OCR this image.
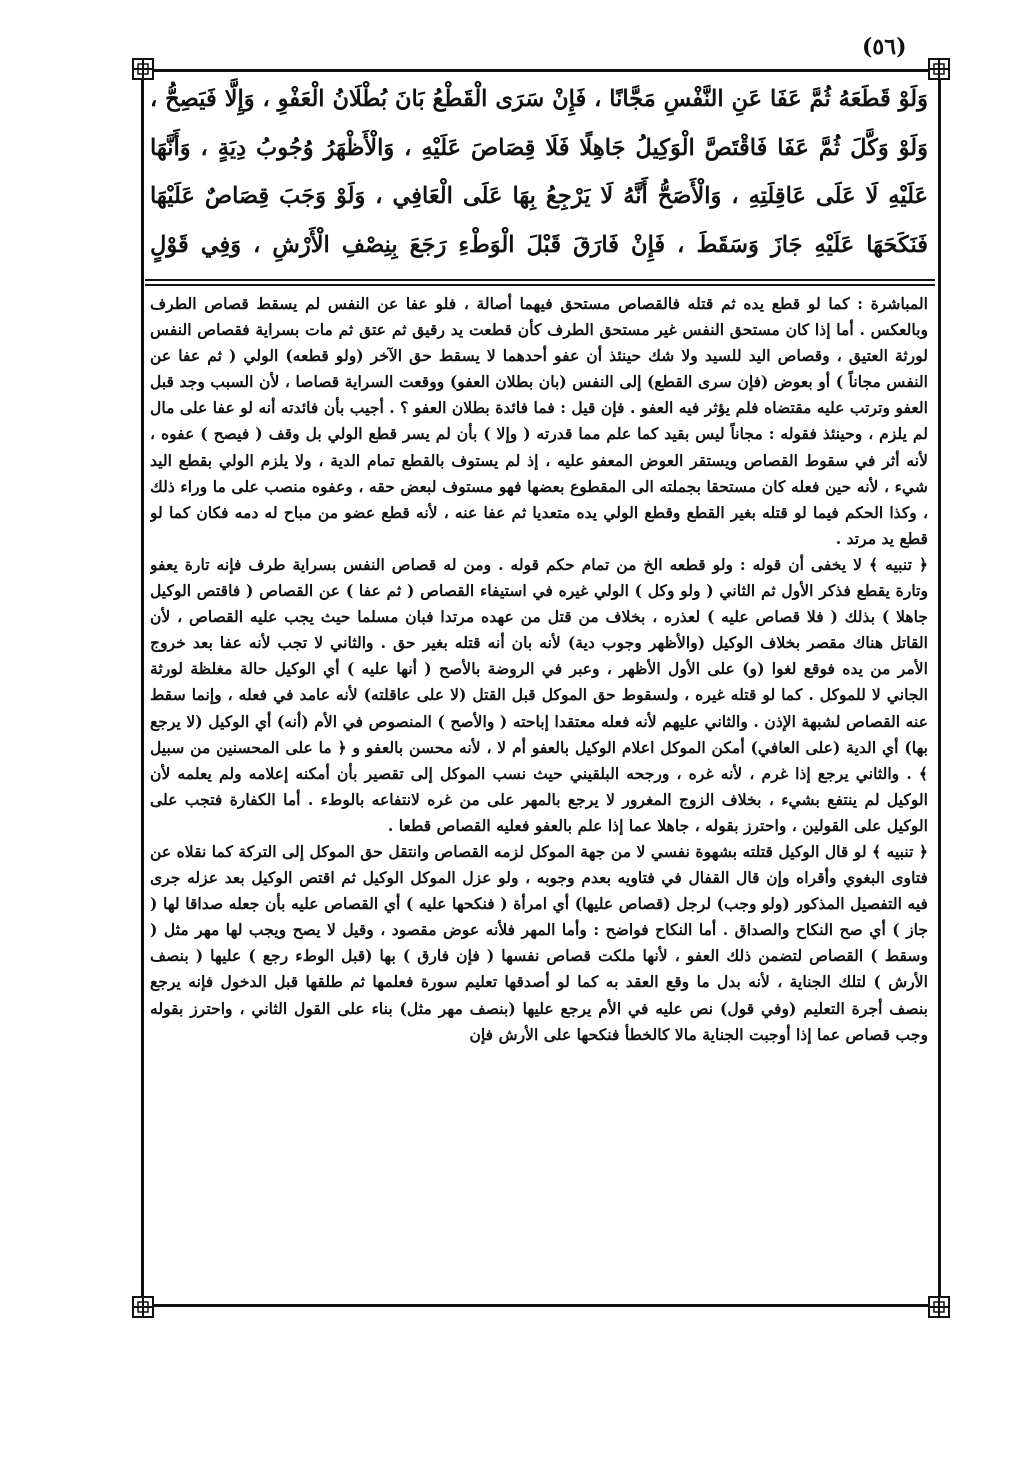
(٥٦)
وَلَوْ قَطَعَهُ ثُمَّ عَفَا عَنِ النَّفْسِ مَجَّانًا ، فَإِنْ سَرَى الْقَطْعُ بَانَ بُطْلَانُ الْعَفْوِ ، وَإِلَّا فَيَصِحُّ ، وَلَوْ وَكَّلَ ثُمَّ عَفَا فَاقْتَصَّ الْوَكِيلُ جَاهِلًا فَلَا قِصَاصَ عَلَيْهِ ، وَالْأَظْهَرُ وُجُوبُ دِيَةٍ ، وَأَنَّهَا عَلَيْهِ لَا عَلَى عَاقِلَتِهِ ، وَالْأَصَحُّ أَنَّهُ لَا يَرْجِعُ بِهَا عَلَى الْعَافِي ، وَلَوْ وَجَبَ قِصَاصٌ عَلَيْهَا فَنَكَحَهَا عَلَيْهِ جَازَ وَسَقَطَ ، فَإِنْ فَارَقَ قَبْلَ الْوَطْءِ رَجَعَ بِنِصْفِ الْأَرْشِ ، وَفِي قَوْلٍ

المباشرة : كما لو قطع يده ثم قتله فالقصاص مستحق فيهما أصالة ، فلو عفا عن النفس لم يسقط قصاص الطرف وبالعكس . أما إذا كان مستحق النفس غير مستحق الطرف كأن قطعت يد رقيق ثم عتق ثم مات بسراية فقصاص النفس لورثة العتيق ، وقصاص اليد للسيد ولا شك حينئذ أن عفو أحدهما لا يسقط حق الآخر (ولو قطعه) الولي ( ثم عفا عن النفس مجاناً ) أو بعوض (فإن سرى القطع) إلى النفس (بان بطلان العفو) ووقعت السراية قصاصا ، لأن السبب وجد قبل العفو وترتب عليه مقتضاه فلم يؤثر فيه العفو . فإن قيل : فما فائدة بطلان العفو ؟ . أجيب بأن فائدته أنه لو عفا على مال لم يلزم ، وحينئذ فقوله : مجاناً ليس بقيد كما علم مما قدرته ( وإلا ) بأن لم يسر قطع الولي بل وقف ( فيصح ) عفوه ، لأنه أثر في سقوط القصاص ويستقر العوض المعفو عليه ، إذ لم يستوف بالقطع تمام الدية ، ولا يلزم الولي بقطع اليد شيء ، لأنه حين فعله كان مستحقا بجملته الى المقطوع بعضها فهو مستوف لبعض حقه ، وعفوه منصب على ما وراء ذلك ، وكذا الحكم فيما لو قتله بغير القطع وقطع الولي يده متعديا ثم عفا عنه ، لأنه قطع عضو من مباح له دمه فكان كما لو قطع يد مرتد .

﴿ تنبيه ﴾ لا يخفى أن قوله : ولو قطعه الخ من تمام حكم قوله . ومن له قصاص النفس بسراية طرف فإنه تارة يعفو وتارة يقطع فذكر الأول ثم الثاني ( ولو وكل ) الولي غيره في استيفاء القصاص ( ثم عفا ) عن القصاص ( فاقتص الوكيل جاهلا ) بذلك ( فلا قصاص عليه ) لعذره ، بخلاف من قتل من عهده مرتدا فبان مسلما حيث يجب عليه القصاص ، لأن القاتل هناك مقصر بخلاف الوكيل (والأظهر وجوب دية) لأنه بان أنه قتله بغير حق . والثاني لا تجب لأنه عفا بعد خروج الأمر من يده فوقع لغوا (و) على الأول الأظهر ، وعبر في الروضة بالأصح ( أنها عليه ) أي الوكيل حالة مغلظة لورثة الجاني لا للموكل . كما لو قتله غيره ، ولسقوط حق الموكل قبل القتل (لا على عاقلته) لأنه عامد في فعله ، وإنما سقط عنه القصاص لشبهة الإذن . والثاني عليهم لأنه فعله معتقدا إباحته ( والأصح ) المنصوص في الأم (أنه) أي الوكيل (لا يرجع بها) أي الدية (على العافي) أمكن الموكل اعلام الوكيل بالعفو أم لا ، لأنه محسن بالعفو و ﴿ ما على المحسنين من سبيل ﴾ . والثاني يرجع إذا غرم ، لأنه غره ، ورجحه البلقيني حيث نسب الموكل إلى تقصير بأن أمكنه إعلامه ولم يعلمه لأن الوكيل لم ينتفع بشيء ، بخلاف الزوج المغرور لا يرجع بالمهر على من غره لانتفاعه بالوطء . أما الكفارة فتجب على الوكيل على القولين ، واحترز بقوله ، جاهلا عما إذا علم بالعفو فعليه القصاص قطعا .

﴿ تنبيه ﴾ لو قال الوكيل قتلته بشهوة نفسي لا من جهة الموكل لزمه القصاص وانتقل حق الموكل إلى التركة كما نقلاه عن فتاوى البغوي وأقراه وإن قال القفال في فتاويه بعدم وجوبه ، ولو عزل الموكل الوكيل ثم اقتص الوكيل بعد عزله جرى فيه التفصيل المذكور (ولو وجب) لرجل (قصاص عليها) أي امرأة ( فنكحها عليه ) أي القصاص عليه بأن جعله صداقا لها ( جاز ) أي صح النكاح والصداق . أما النكاح فواضح : وأما المهر فلأنه عوض مقصود ، وقيل لا يصح ويجب لها مهر مثل ( وسقط ) القصاص لتضمن ذلك العفو ، لأنها ملكت قصاص نفسها ( فإن فارق ) بها (قبل الوطء رجع ) عليها ( بنصف الأرش ) لتلك الجناية ، لأنه بدل ما وقع العقد به كما لو أصدقها تعليم سورة فعلمها ثم طلقها قبل الدخول فإنه يرجع بنصف أجرة التعليم (وفي قول) نص عليه في الأم يرجع عليها (بنصف مهر مثل) بناء على القول الثاني ، واحترز بقوله وجب قصاص عما إذا أوجبت الجناية مالا كالخطأ فنكحها على الأرش فإن
